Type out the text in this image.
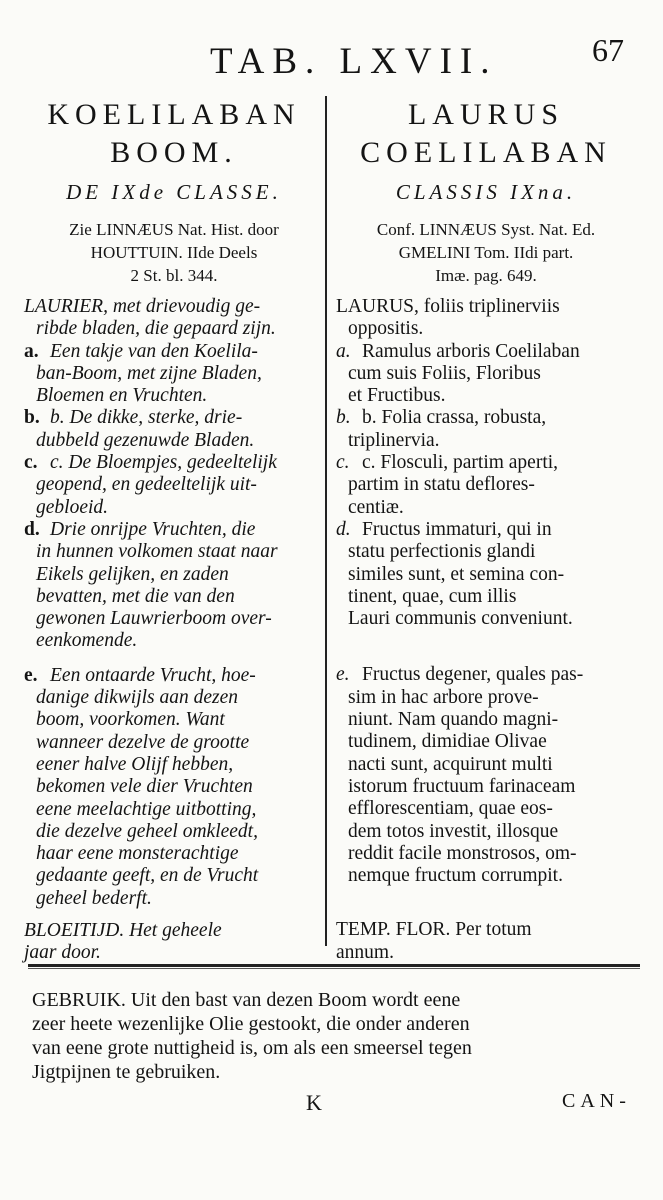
TAB. LXVII.	67
KOELILABAN
BOOM.
DE IXde CLASSE.
Zie LINNÆUS Nat. Hist. door
HOUTTUIN. IIde Deels
2 St. bl. 344.
LAURIER, met drievoudig ge-
ribde bladen, die gepaard zijn.
a. Een takje van den Koelila-
ban-Boom, met zijne Bladen,
Bloemen en Vruchten.
b. b. De dikke, sterke, drie-
dubbeld gezenuwde Bladen.
c. c. De Bloempjes, gedeeltelijk
geopend, en gedeeltelijk uit-
gebloeid.
d. Drie onrijpe Vruchten, die
in hunnen volkomen staat naar
Eikels gelijken, en zaden
bevatten, met die van den
gewonen Lauwrierboom over-
eenkomende.
e. Een ontaarde Vrucht, hoe-
danige dikwijls aan dezen
boom, voorkomen. Want
wanneer dezelve de grootte
eener halve Olijf hebben,
bekomen vele dier Vruchten
eene meelachtige uitbotting,
die dezelve geheel omkleedt,
haar eene monsterachtige
gedaante geeft, en de Vrucht
geheel bederft.
BLOEITIJD. Het geheele
jaar door.
LAURUS
COELILABAN
CLASSIS IXna.
Conf. LINNÆUS Syst. Nat. Ed.
GMELINI Tom. IIdi part.
Imæ. pag. 649.
LAURUS, foliis triplinerviis
oppositis.
a. Ramulus arboris Coelilaban
cum suis Foliis, Floribus
et Fructibus.
b. b. Folia crassa, robusta,
triplinervia.
c. c. Flosculi, partim aperti,
partim in statu deflores-
centiæ.
d. Fructus immaturi, qui in
statu perfectionis glandi
similes sunt, et semina con-
tinent, quae, cum illis
Lauri communis conveniunt.
e. Fructus degener, quales pas-
sim in hac arbore prove-
niunt. Nam quando magni-
tudinem, dimidiae Olivae
nacti sunt, acquirunt multi
istorum fructuum farinaceam
efflorescentiam, quae eos-
dem totos investit, illosque
reddit facile monstrosos, om-
nemque fructum corrumpit.
TEMP. FLOR. Per totum
annum.
GEBRUIK. Uit den bast van dezen Boom wordt eene
zeer heete wezenlijke Olie gestookt, die onder anderen
van eene grote nuttigheid is, om als een smeersel tegen
Jigtpijnen te gebruiken.
K	CAN-
